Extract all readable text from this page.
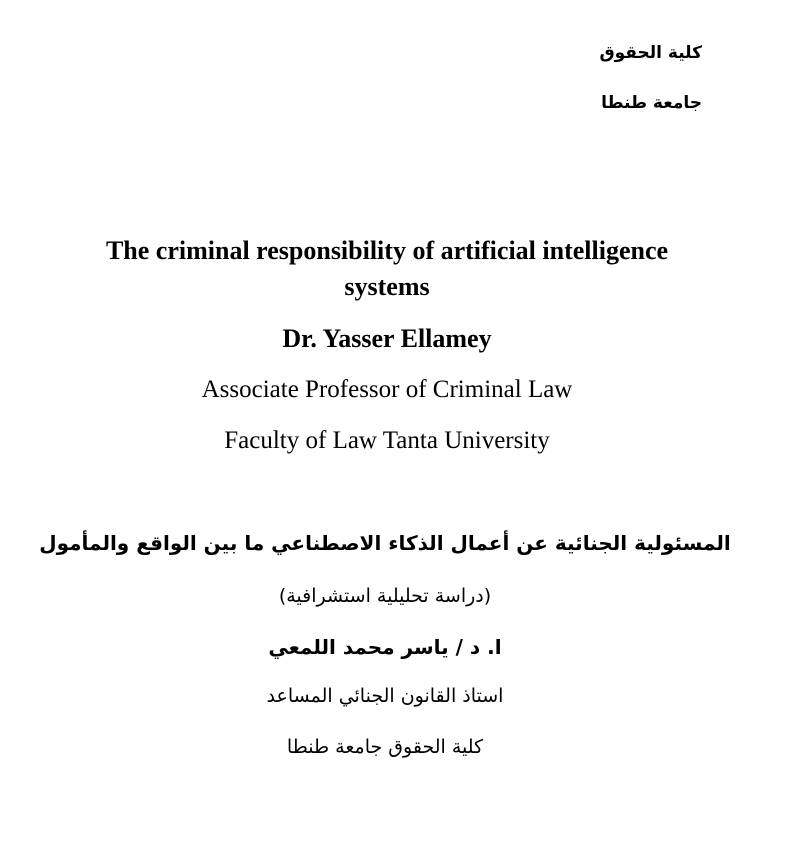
كلية الحقوق
جامعة طنطا
The criminal responsibility of artificial intelligence
systems
Dr. Yasser Ellamey
Associate Professor of Criminal Law
Faculty of Law Tanta University
المسئولية الجنائية عن أعمال الذكاء الاصطناعي ما بين الواقع والمأمول
(دراسة تحليلية استشرافية)
ا. د / ياسر محمد اللمعي
استاذ القانون الجنائي المساعد
كلية الحقوق جامعة طنطا
